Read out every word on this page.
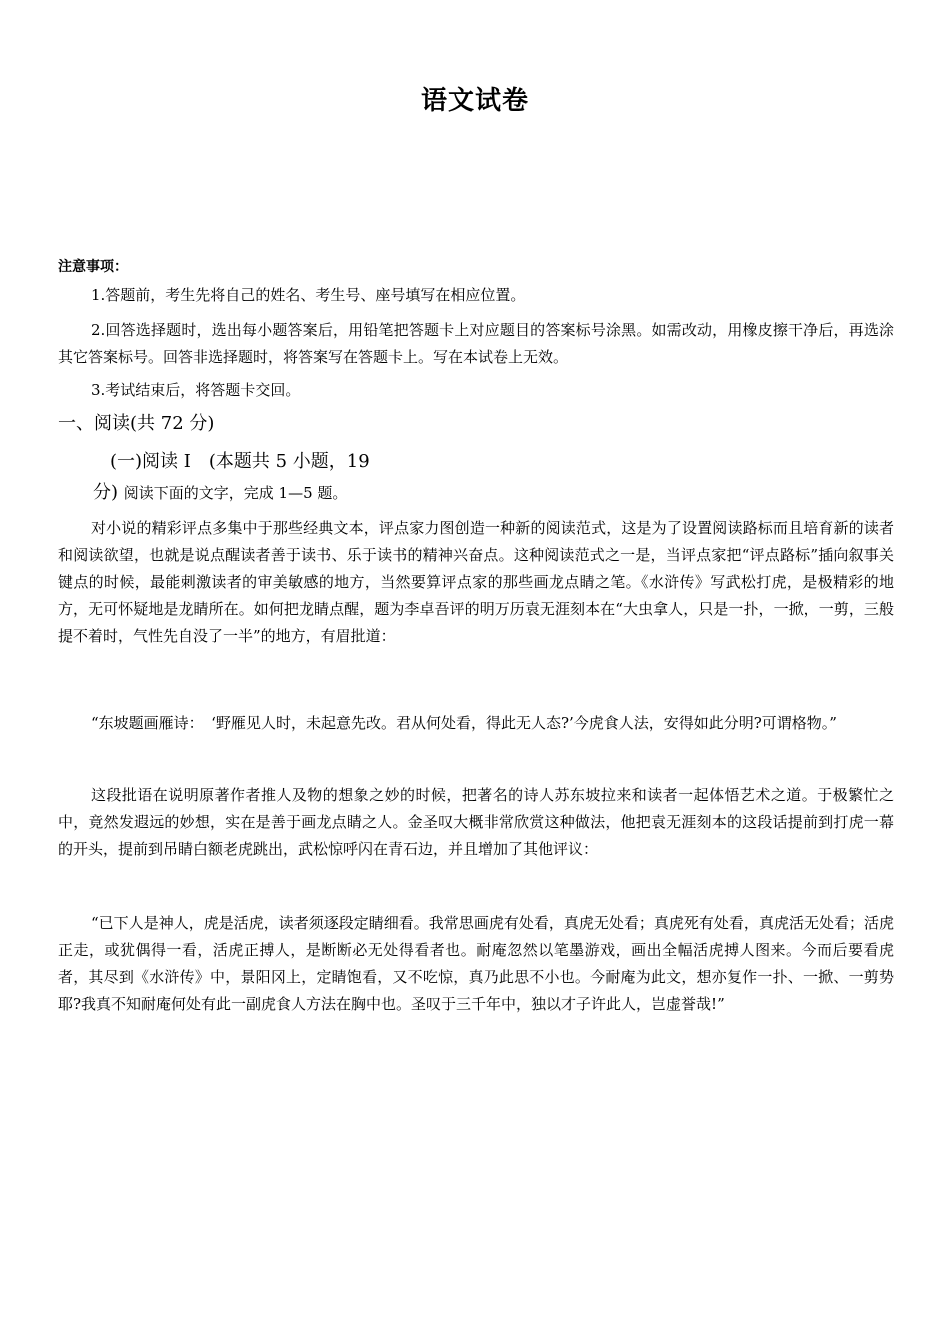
语文试卷
注意事项：

1.答题前，考生先将自己的姓名、考生号、座号填写在相应位置。

2.回答选择题时，选出每小题答案后，用铅笔把答题卡上对应题目的答案标号涂黑。如需改动，用橡皮擦干净后，再选涂其它答案标号。回答非选择题时，将答案写在答题卡上。写在本试卷上无效。

3.考试结束后，将答题卡交回。

一、阅读(共 72 分)
(一)阅读 I　(本题共 5 小题，19
分) 阅读下面的文字，完成 1—5 题。

对小说的精彩评点多集中于那些经典文本，评点家力图创造一种新的阅读范式，这是为了设置阅读路标而且培育新的读者和阅读欲望，也就是说点醒读者善于读书、乐于读书的精神兴奋点。这种阅读范式之一是，当评点家把“评点路标”插向叙事关键点的时候，最能刺激读者的审美敏感的地方，当然要算评点家的那些画龙点睛之笔。《水浒传》写武松打虎，是极精彩的地方，无可怀疑地是龙睛所在。如何把龙睛点醒，题为李卓吾评的明万历袁无涯刻本在“大虫拿人，只是一扑，一掀，一剪，三般提不着时，气性先自没了一半”的地方，有眉批道：

“东坡题画雁诗：　‘野雁见人时，未起意先改。君从何处看，得此无人态?’今虎食人法，安得如此分明?可谓格物。”

这段批语在说明原著作者推人及物的想象之妙的时候，把著名的诗人苏东坡拉来和读者一起体悟艺术之道。于极繁忙之中，竟然发遐远的妙想，实在是善于画龙点睛之人。金圣叹大概非常欣赏这种做法，他把袁无涯刻本的这段话提前到打虎一幕的开头，提前到吊睛白额老虎跳出，武松惊呼闪在青石边，并且增加了其他评议：

“已下人是神人，虎是活虎，读者须逐段定睛细看。我常思画虎有处看，真虎无处看；真虎死有处看，真虎活无处看；活虎正走，或犹偶得一看，活虎正搏人，是断断必无处得看者也。耐庵忽然以笔墨游戏，画出全幅活虎搏人图来。今而后要看虎者，其尽到《水浒传》中，景阳冈上，定睛饱看，又不吃惊，真乃此思不小也。今耐庵为此文，想亦复作一扑、一掀、一剪势耶?我真不知耐庵何处有此一副虎食人方法在胸中也。圣叹于三千年中，独以才子许此人，岂虚誉哉!”
